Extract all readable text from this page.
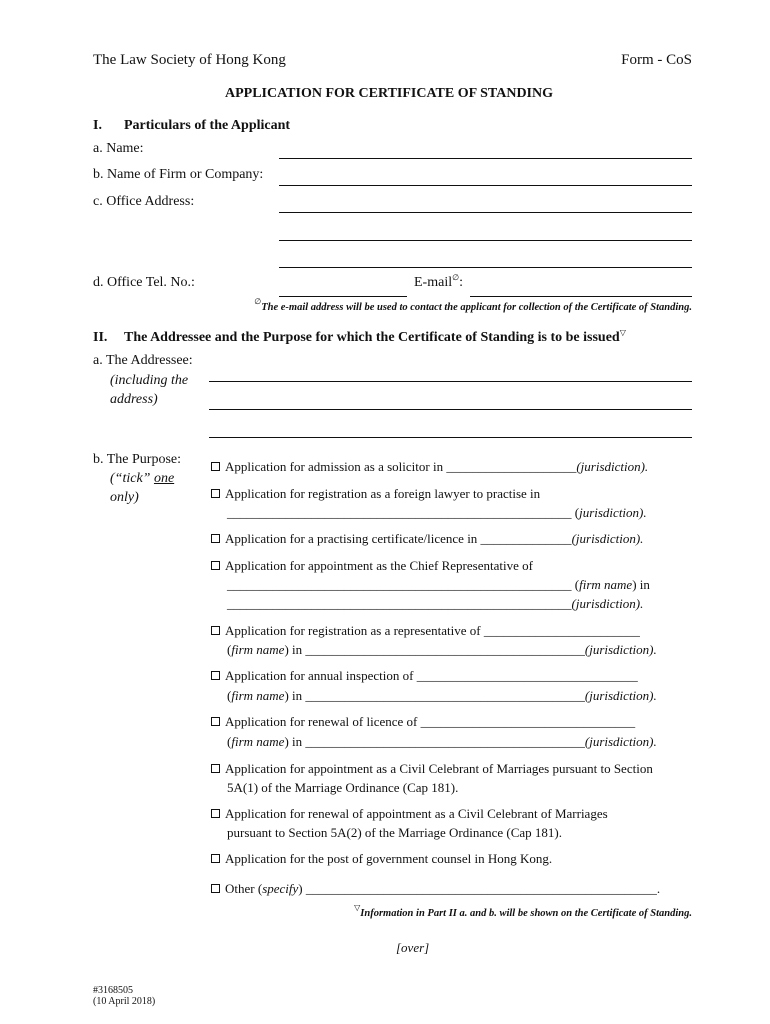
The Law Society of Hong Kong	Form - CoS
APPLICATION FOR CERTIFICATE OF STANDING
I. Particulars of the Applicant
a. Name:
b. Name of Firm or Company:
c. Office Address:
d. Office Tel. No.:	E-mail∅:
∅The e-mail address will be used to contact the applicant for collection of the Certificate of Standing.
II. The Addressee and the Purpose for which the Certificate of Standing is to be issued▽
a. The Addressee:
(including the
address)
b. The Purpose:
(“tick” one
only)
Application for admission as a solicitor in ____________________(jurisdiction).
Application for registration as a foreign lawyer to practise in
_____________________________________________________ (jurisdiction).
Application for a practising certificate/licence in ______________(jurisdiction).
Application for appointment as the Chief Representative of
_____________________________________________________ (firm name) in
_____________________________________________________(jurisdiction).
Application for registration as a representative of ________________________
(firm name) in ___________________________________________(jurisdiction).
Application for annual inspection of __________________________________
(firm name) in ___________________________________________(jurisdiction).
Application for renewal of licence of _________________________________
(firm name) in ___________________________________________(jurisdiction).
Application for appointment as a Civil Celebrant of Marriages pursuant to Section
5A(1) of the Marriage Ordinance (Cap 181).
Application for renewal of appointment as a Civil Celebrant of Marriages
pursuant to Section 5A(2) of the Marriage Ordinance (Cap 181).
Application for the post of government counsel in Hong Kong.
Other (specify) ______________________________________________________.
▽Information in Part II a. and b. will be shown on the Certificate of Standing.
[over]
#3168505
(10 April 2018)
